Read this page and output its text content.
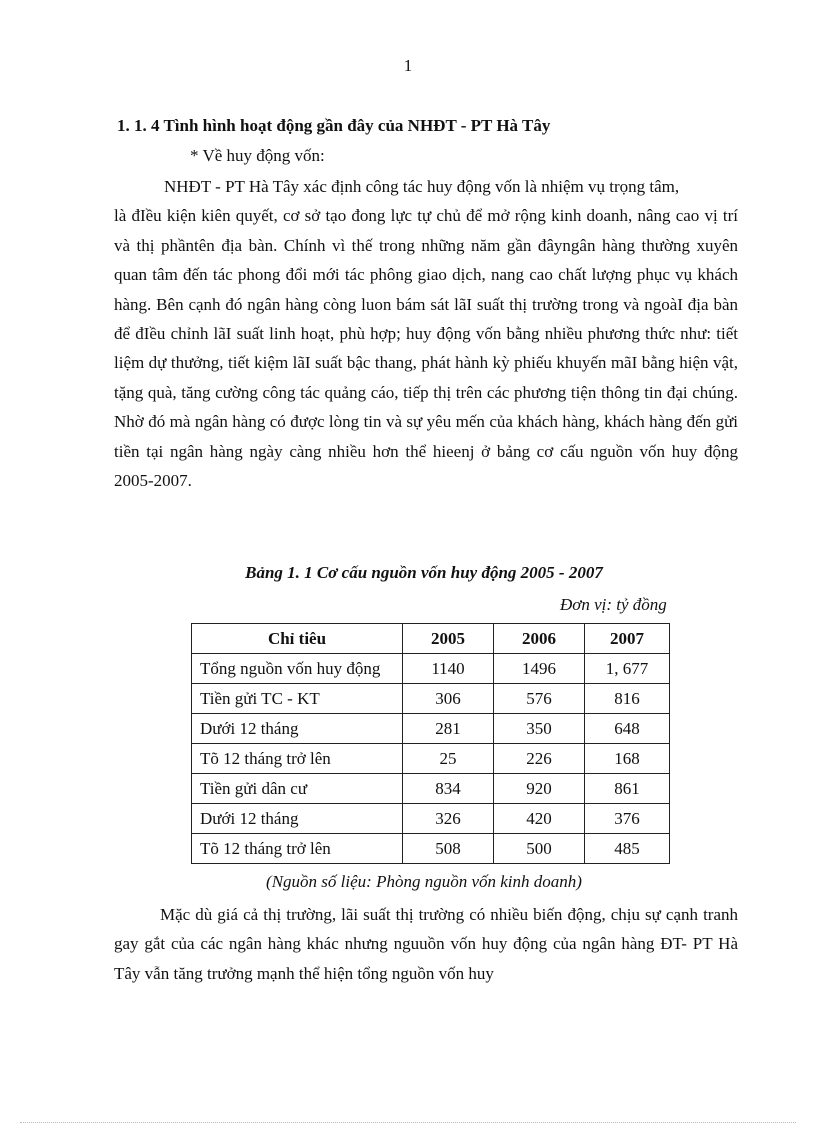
1
1. 1. 4 Tình hình hoạt động gần đây của NHĐT - PT Hà Tây
* Về huy động vốn:
NHĐT - PT Hà Tây xác định công tác huy động vốn là nhiệm vụ trọng tâm,
là đIều kiện kiên quyết, cơ sở tạo đong lực tự chủ để mở rộng kinh doanh, nâng cao vị trí và thị phầntên địa bàn. Chính vì thế trong những năm gần đâyngân hàng thường xuyên quan tâm đến tác phong đổi mới tác phông giao dịch, nang cao chất lượng phục vụ khách hàng. Bên cạnh đó ngân hàng còng luon bám sát lãI suất thị trường trong và ngoàI địa bàn để đIều chỉnh lãI suất linh hoạt, phù hợp; huy động vốn bằng nhiều phương thức như: tiết liệm dự thưởng, tiết kiệm lãI suất bậc thang, phát hành kỳ phiếu khuyến mãI bằng hiện vật, tặng quà, tăng cường công tác quảng cáo, tiếp thị trên các phương tiện thông tin đại chúng. Nhờ đó mà ngân hàng có được lòng tin và sự yêu mến của khách hàng, khách hàng đến gửi tiền tại ngân hàng ngày càng nhiều hơn thể hieenj ở bảng cơ cấu nguồn vốn huy động 2005-2007.
Bảng 1. 1 Cơ cấu nguồn vốn huy động 2005 - 2007
Đơn vị: tỷ đồng
Chỉ tiêu	2005	2006	2007
Tổng nguồn vốn huy động	1140	1496	1, 677
Tiền gửi TC - KT	306	576	816
Dưới 12 tháng	281	350	648
Tõ 12 tháng trở lên	25	226	168
Tiền gửi dân cư	834	920	861
Dưới 12 tháng	326	420	376
Tõ 12 tháng trở lên	508	500	485
(Nguồn số liệu: Phòng nguồn vốn kinh doanh)

Mặc dù giá cả thị trường, lãi suất thị trường có nhiều biến động, chịu sự cạnh tranh gay gắt của các ngân hàng khác nhưng nguuồn vốn huy động của ngân hàng ĐT- PT Hà Tây vẫn tăng trưởng mạnh thể hiện tổng nguồn vốn huy
